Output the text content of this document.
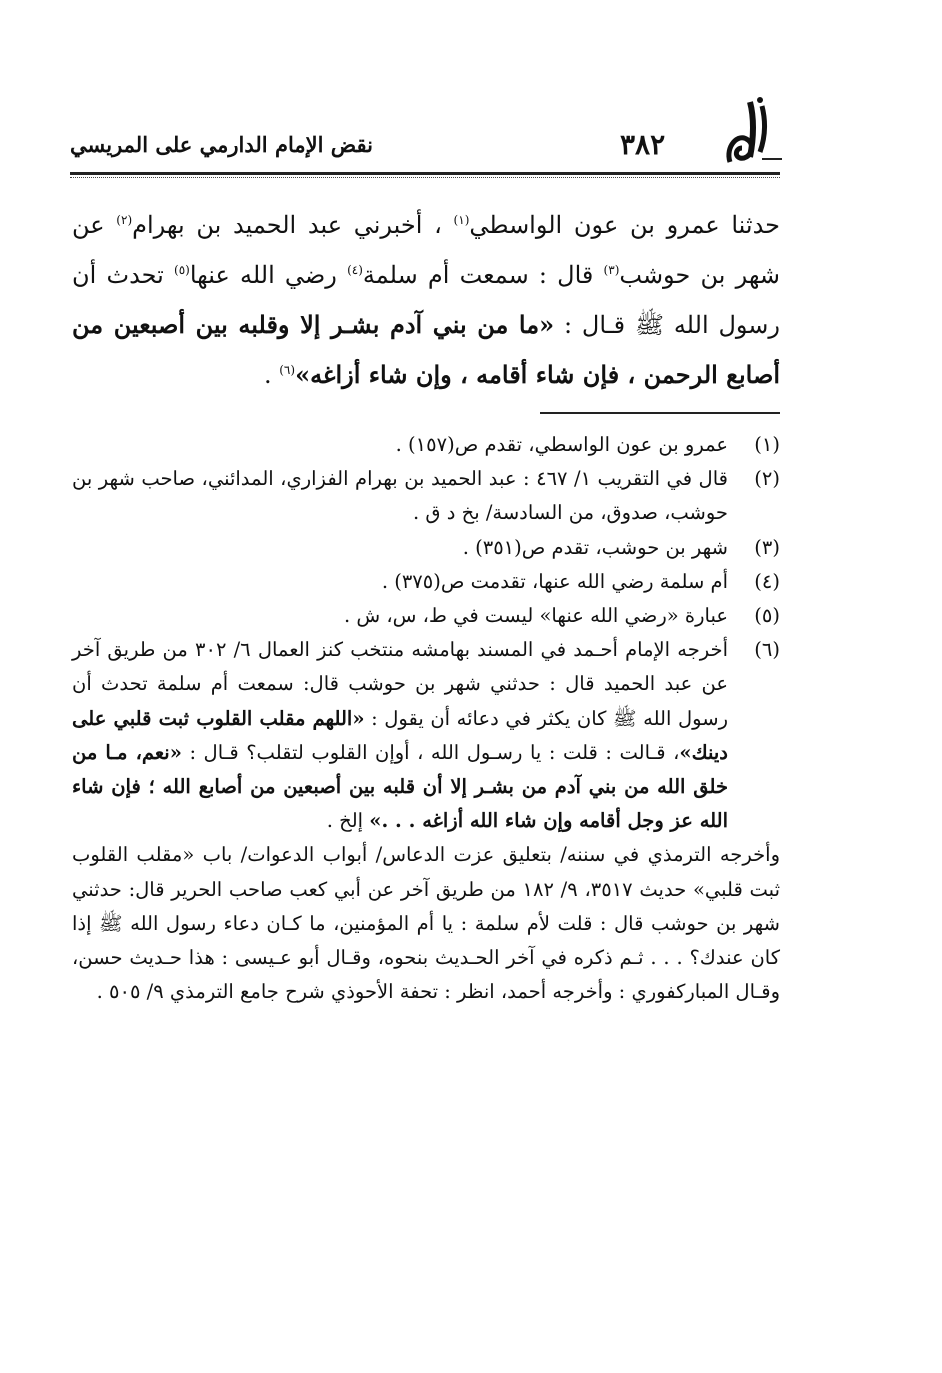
نقض الإمام الدارمي على المريسي	٣٨٢

حدثنا عمرو بن عون الواسطي$^{(١)}$ ، أخبرني عبد الحميد بن بهرام$^{(٢)}$ عن شهر بن حوشب$^{(٣)}$ قال : سمعت أم سلمة$^{(٤)}$ رضي الله عنها$^{(٥)}$ تحدث أن رسول الله ﷺ قـال : «ما من بني آدم بشـر إلا وقلبه بين أصبعين من أصابع الرحمن ، فإن شاء أقامه ، وإن شاء أزاغه»$^{(٦)}$ .

(١)
عمرو بن عون الواسطي، تقدم ص(١٥٧) .
(٢)
قال في التقريب ١/ ٤٦٧ : عبد الحميد بن بهرام الفزاري، المدائني، صاحب شهر بن حوشب، صدوق، من السادسة/ بخ د ق .
(٣)
شهر بن حوشب، تقدم ص(٣٥١) .
(٤)
أم سلمة رضي الله عنها، تقدمت ص(٣٧٥) .
(٥)
عبارة «رضي الله عنها» ليست في ط، س، ش .
(٦)
أخرجه الإمام أحـمد في المسند بهامشه منتخب كنز العمال ٦/ ٣٠٢ من طريق آخر عن عبد الحميد قال : حدثني شهر بن حوشب قال: سمعت أم سلمة تحدث أن رسول الله ﷺ كان يكثر في دعائه أن يقول : «اللهم مقلب القلوب ثبت قلبي على دينك»، قـالت : قلت : يا رسـول الله ، أوإن القلوب لتقلب؟ قـال : «نعم، مـا من خلق الله من بني آدم من بشـر إلا أن قلبه بين أصبعين من أصابع الله ؛ فإن شاء الله عز وجل أقامه وإن شاء الله أزاغه . . .» إلخ .
وأخرجه الترمذي في سننه/ بتعليق عزت الدعاس/ أبواب الدعوات/ باب «مقلب القلوب ثبت قلبي» حديث ٣٥١٧، ٩/ ١٨٢ من طريق آخر عن أبي كعب صاحب الحرير قال: حدثني شهر بن حوشب قال : قلت لأم سلمة : يا أم المؤمنين، ما كـان دعاء رسول الله ﷺ إذا كان عندك؟ . . . ثـم ذكره في آخر الحـديث بنحوه، وقـال أبو عـيسى : هذا حـديث حسن، وقـال المباركفوري : وأخرجه أحمد، انظر : تحفة الأحوذي شرح جامع الترمذي ٩/ ٥٠٥ .
